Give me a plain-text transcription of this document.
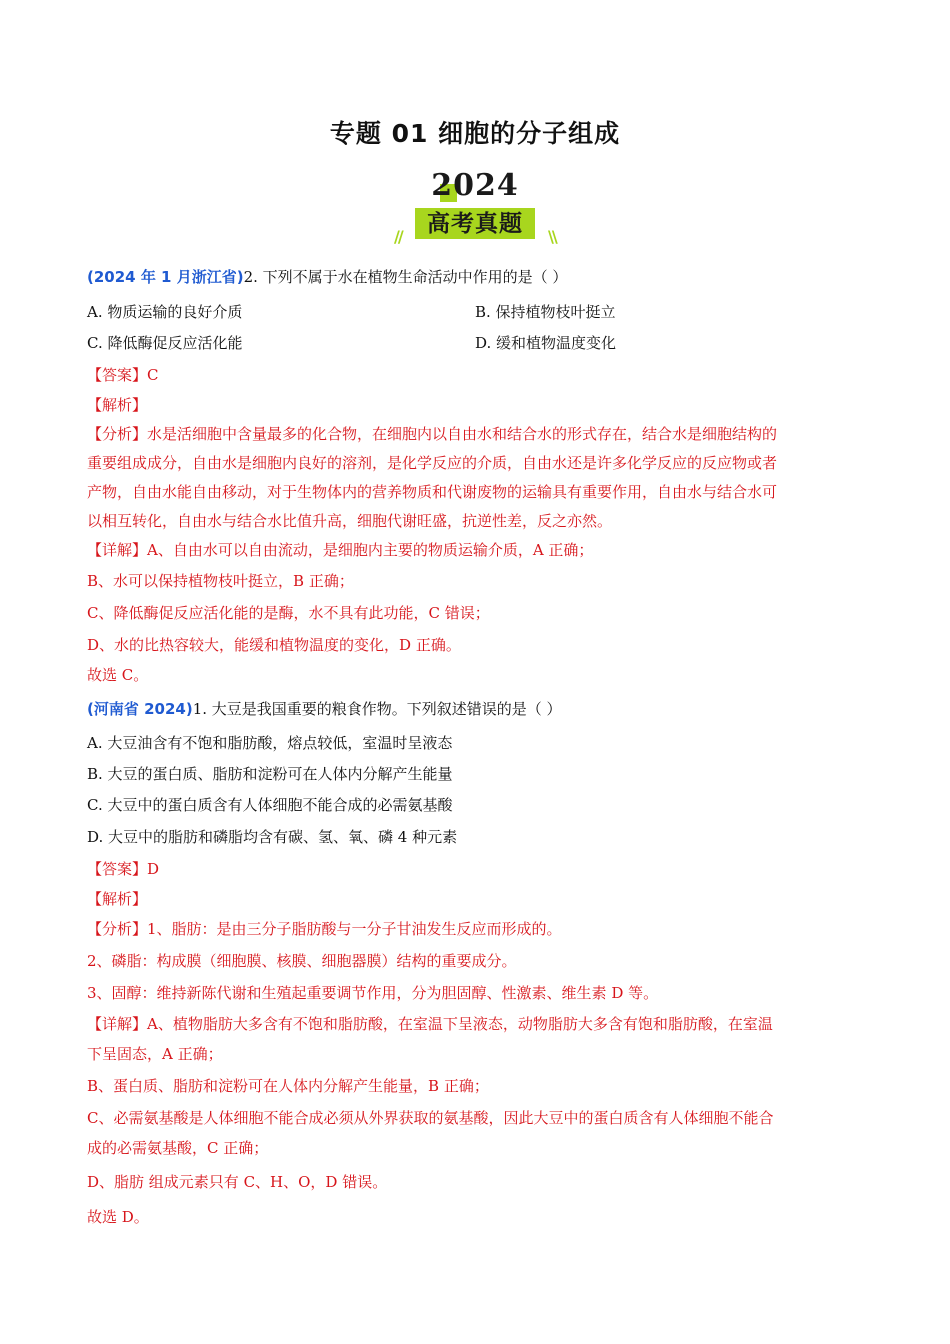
专题 01 细胞的分子组成
2024
高考真题
//	\\
(2024 年 1 月浙江省)2. 下列不属于水在植物生命活动中作用的是（ ）
A. 物质运输的良好介质	B. 保持植物枝叶挺立
C. 降低酶促反应活化能	D. 缓和植物温度变化
【答案】C
【解析】
【分析】水是活细胞中含量最多的化合物，在细胞内以自由水和结合水的形式存在，结合水是细胞结构的
重要组成成分，自由水是细胞内良好的溶剂，是化学反应的介质，自由水还是许多化学反应的反应物或者
产物，自由水能自由移动，对于生物体内的营养物质和代谢废物的运输具有重要作用，自由水与结合水可
以相互转化，自由水与结合水比值升高，细胞代谢旺盛，抗逆性差，反之亦然。
【详解】A、自由水可以自由流动，是细胞内主要的物质运输介质，A 正确；
B、水可以保持植物枝叶挺立，B 正确；
C、降低酶促反应活化能的是酶，水不具有此功能，C 错误；
D、水的比热容较大，能缓和植物温度的变化，D 正确。
故选 C。
(河南省 2024)1. 大豆是我国重要的粮食作物。下列叙述错误的是（ ）
A. 大豆油含有不饱和脂肪酸，熔点较低，室温时呈液态
B. 大豆的蛋白质、脂肪和淀粉可在人体内分解产生能量
C. 大豆中的蛋白质含有人体细胞不能合成的必需氨基酸
D. 大豆中的脂肪和磷脂均含有碳、氢、氧、磷 4 种元素
【答案】D
【解析】
【分析】1、脂肪：是由三分子脂肪酸与一分子甘油发生反应而形成的。
2、磷脂：构成膜（细胞膜、核膜、细胞器膜）结构的重要成分。
3、固醇：维持新陈代谢和生殖起重要调节作用，分为胆固醇、性激素、维生素 D 等。
【详解】A、植物脂肪大多含有不饱和脂肪酸，在室温下呈液态，动物脂肪大多含有饱和脂肪酸，在室温
下呈固态，A 正确；
B、蛋白质、脂肪和淀粉可在人体内分解产生能量，B 正确；
C、必需氨基酸是人体细胞不能合成必须从外界获取的氨基酸，因此大豆中的蛋白质含有人体细胞不能合
成的必需氨基酸，C 正确；
D、脂肪 组成元素只有 C、H、O，D 错误。
故选 D。
